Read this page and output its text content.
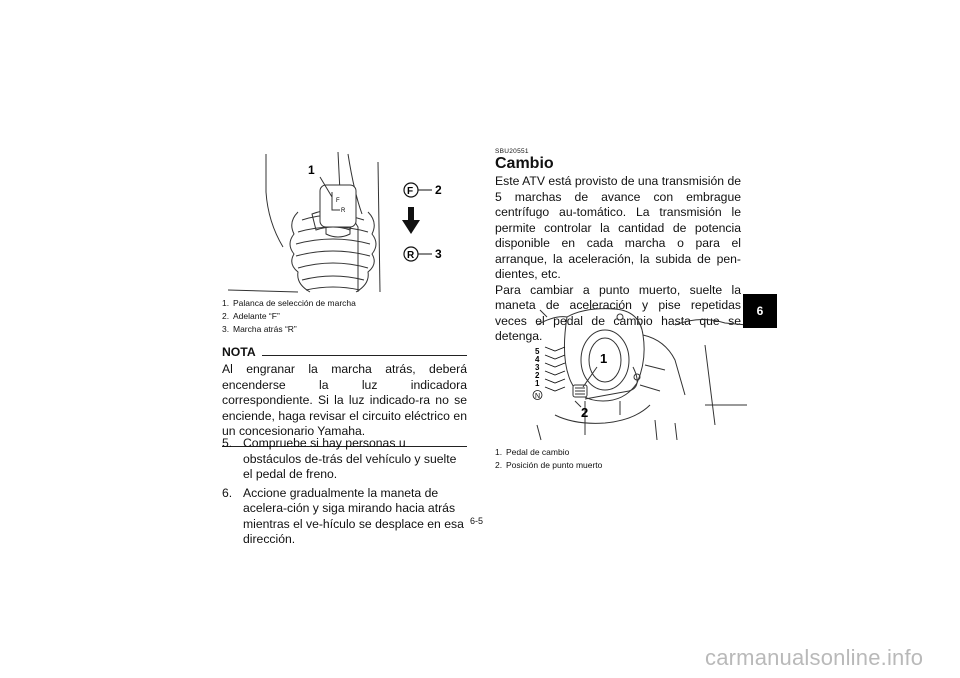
F
R
1
F 2
R 3
1. Palanca de selección de marcha
2. Adelante “F”
3. Marcha atrás “R”
NOTA
Al engranar la marcha atrás, deberá encenderse la luz indicadora correspondiente. Si la luz indicado-ra no se enciende, haga revisar el circuito eléctrico en un concesionario Yamaha.
5. Compruebe si hay personas u obstáculos de-trás del vehículo y suelte el pedal de freno.
6. Accione gradualmente la maneta de acelera-ción y siga mirando hacia atrás mientras el ve-hículo se desplace en esa dirección.
SBU20551
Cambio
Este ATV está provisto de una transmisión de 5 marchas de avance con embrague centrífugo au-tomático. La transmisión le permite controlar la cantidad de potencia disponible en cada marcha o para el arranque, la aceleración, la subida de pen-dientes, etc.
Para cambiar a punto muerto, suelte la maneta de aceleración y pise repetidas veces el pedal de cambio hasta que se detenga.
5
4
3
2
1
N
1
2
1. Pedal de cambio
2. Posición de punto muerto
6
6-5
carmanualsonline.info
